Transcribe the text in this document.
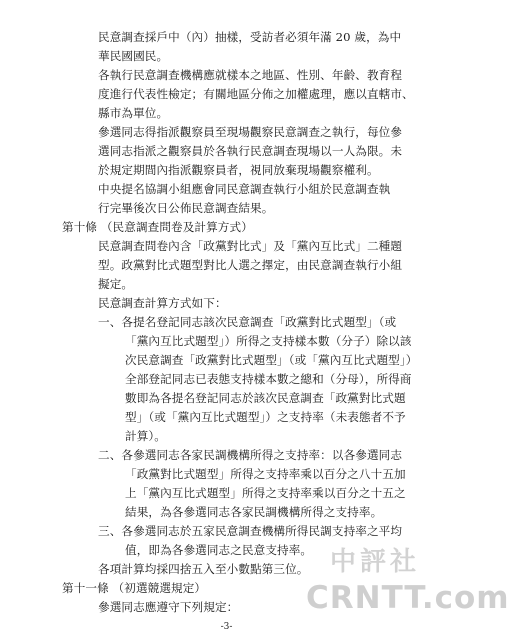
民意調查採戶中（內）抽樣，受訪者必須年滿 20 歲，為中
華民國國民。
各執行民意調查機構應就樣本之地區、性別、年齡、教育程
度進行代表性檢定；有關地區分佈之加權處理，應以直轄市、
縣市為單位。
參選同志得指派觀察員至現場觀察民意調查之執行，每位參
選同志指派之觀察員於各執行民意調查現場以一人為限。未
於規定期間內指派觀察員者，視同放棄現場觀察權利。
中央提名協調小組應會同民意調查執行小組於民意調查執
行完畢後次日公佈民意調查結果。
第十條 （民意調查問卷及計算方式）
民意調查問卷內含「政黨對比式」及「黨內互比式」二種題
型。政黨對比式題型對比人選之擇定，由民意調查執行小組
擬定。
民意調查計算方式如下：
一、各提名登記同志該次民意調查「政黨對比式題型」（或
「黨內互比式題型」）所得之支持樣本數（分子）除以該
次民意調查「政黨對比式題型」（或「黨內互比式題型」）
全部登記同志已表態支持樣本數之總和（分母），所得商
數即為各提名登記同志於該次民意調查「政黨對比式題
型」（或「黨內互比式題型」）之支持率（未表態者不予
計算）。
二、各參選同志各家民調機構所得之支持率：以各參選同志
「政黨對比式題型」所得之支持率乘以百分之八十五加
上「黨內互比式題型」所得之支持率乘以百分之十五之
結果，為各參選同志各家民調機構所得之支持率。
三、各參選同志於五家民意調查機構所得民調支持率之平均
值，即為各參選同志之民意支持率。
各項計算均採四捨五入至小數點第三位。
第十一條 （初選競選規定）
參選同志應遵守下列規定：
-3-
中評社
CRNTT.com
